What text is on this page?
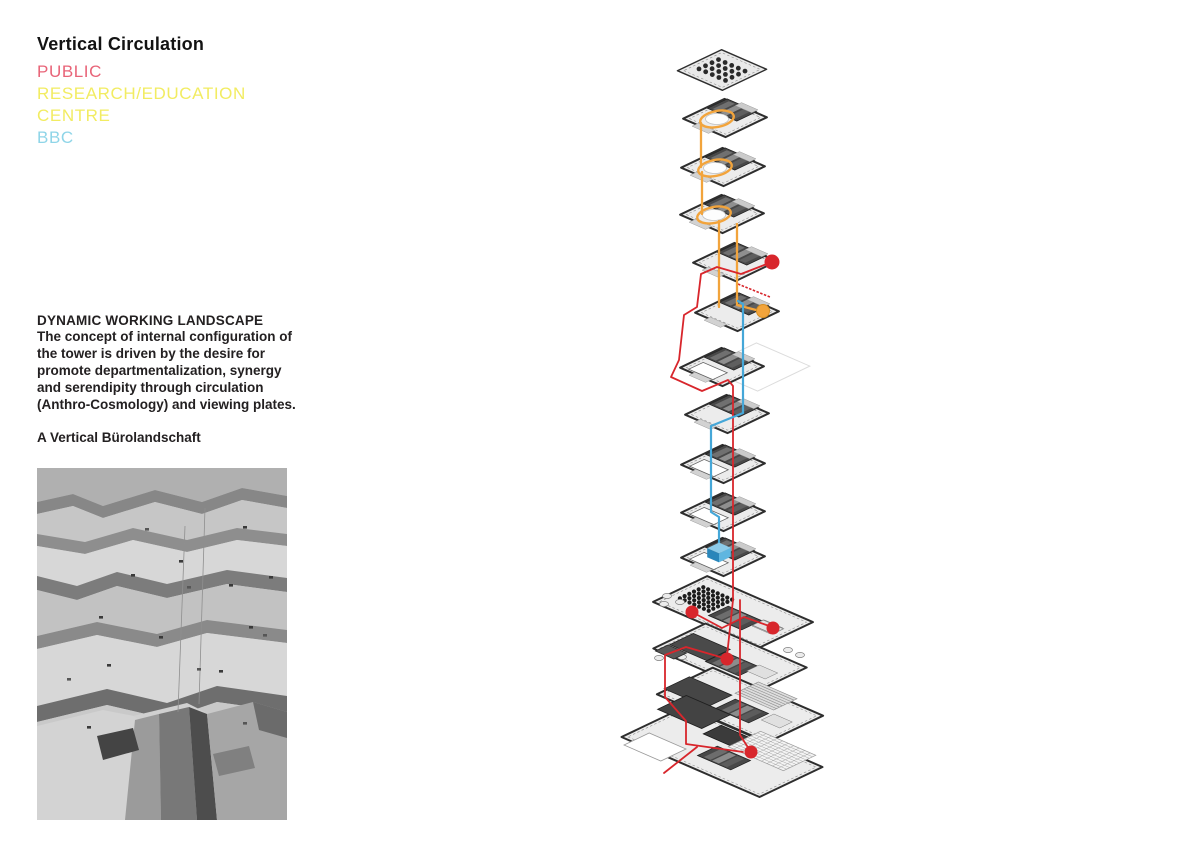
Vertical Circulation
PUBLIC
RESEARCH/EDUCATION
CENTRE
BBC
DYNAMIC WORKING LANDSCAPE
The concept of internal configuration of
the tower is driven by the desire for
promote departmentalization, synergy
and serendipity through circulation
(Anthro-Cosmology) and viewing plates.
A Vertical Bürolandschaft
